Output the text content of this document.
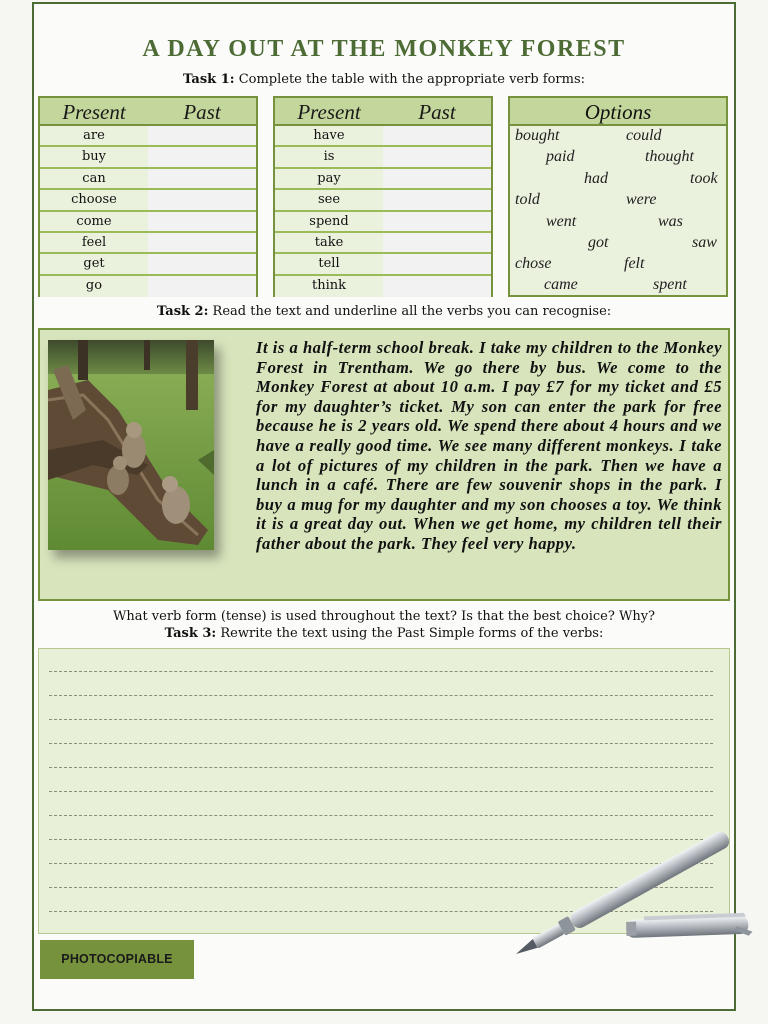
A DAY OUT AT THE MONKEY FOREST
Task 1: Complete the table with the appropriate verb forms:
Present	Past
are
buy
can
choose
come
feel
get
go
Present	Past
have
is
pay
see
spend
take
tell
think
Options
bought	could
paid	thought
had	took
told	were
went	was
got	saw
chose	felt
came	spent
Task 2: Read the text and underline all the verbs you can recognise:

It is a half-term school break. I take my children to the Monkey Forest in Trentham. We go there by bus. We come to the Monkey Forest at about 10 a.m. I pay £7 for my ticket and £5 for my daughter’s ticket. My son can enter the park for free because he is 2 years old. We spend there about 4 hours and we have a really good time. We see many different monkeys. I take a lot of pictures of my children in the park. Then we have a lunch in a café. There are few souvenir shops in the park. I buy a mug for my daughter and my son chooses a toy. We think it is a great day out. When we get home, my children tell their father about the park. They feel very happy.

What verb form (tense) is used throughout the text? Is that the best choice? Why?
Task 3: Rewrite the text using the Past Simple forms of the verbs:
PHOTOCOPIABLE
